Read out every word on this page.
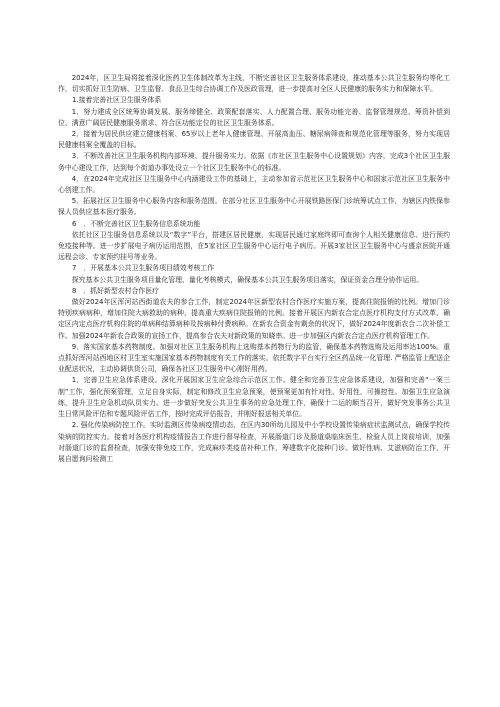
2024年，区卫生局将接着深化医药卫生体制改革为主线，不断完善社区卫生服务体系建设，推动基本公共卫生服务均等化工作，切实抓好卫生防病、卫生监督、食品卫生综合协调工作及医政管理，进一步提高对全区人民健康的服务实力和保障水平。

1.接着完善社区卫生服务体系

1．努力建成全区统筹协调发展、服务缔健全、政策配套落实、人力配置合理、服务功能完善、监督管理规范、筹资补偿到位、满意广阔居民健康服务需求、符合区功能定位的社区卫生服务体系。

2．接着为居民供应建立健康档案、65岁以上老年人健康管理、开展高血压、糖尿病筛查和规范化管理等服务，努力实现居民健康档案全覆盖的目标。

3．不断改善社区卫生服务机构内部环境、提升服务实力。依据《市社区卫生服务中心设置规划》内容，完成3个社区卫生服务中心建设工作，达到每个街道办事处设立一个社区卫生服务中心的标准。

4．在2024年完成社区卫生服务中心内涵建设工作的基础上，主动参加省示范社区卫生服务中心和国家示范社区卫生服务中心创建工作。

5．拓展社区卫生服务中心服务内容和服务范围。在部分社区卫生服务中心开展铁路医保门诊统筹试点工作，为辖区内铁保参保人员供应基本医疗服务。

6　．不断完善社区卫生服务信息系统功能

依托社区卫生服务信息系统以及“数字”平台，搭建区居民健康，实现居民通过家庭终即可查询个人相关健康信息、进行预约免疫接种等。进一步扩展电子病历运用范围，在5家社区卫生服务中心运行电子病历。开展3家社区卫生服务中心与盛京医院开通远程会诊、专家预约挂号等业务。

7　．开展基本公共卫生服务项目绩效考核工作

探究基本公共卫生服务项目量化管理、量化考核模式，确保基本公共卫生服务项目落实，保证资金合理分协作运用。

8　．抓好新型农村合作医疗

做好2024年区浑河站西街道农夫的参合工作，制定2024年区新型农村合作医疗实施方案，提高住院报销的比例。增加门诊特别疾病病种，增加住院大病救助的病种，提高重大疾病住院报销的比例。接着开展区内新农合定点医疗机构支付方式改革，确定区内定点医疗机构住院的单病种结算病种及按病种付费病种。在新农合资金有剩余的状况下，做好2024年度新农合二次补偿工作。加强2024年新农合政策的宣扬工作，提高参合农夫对新政策的知晓率。进一步加强区内新农合定点医疗机构管理工作。

9．落实国家基本药物制度。加强对社区卫生服务机构上选购基本药物行为的监管，确保基本药物选购及运用率达100%。重点抓好浑河站西地区村卫生室实施国家基本药物制度有关工作的落实。依托数字平台实行全区药品统一化管理. 严格监管上配送企业配送状况，主动协调供货公司，确保各社区卫生服务中心刚好用药。

1．完善卫生应急体系建设。深化开展国家卫生应急综合示范区工作。健全和完善卫生应急体系建设，加强和完善“一案三制”工作，强化预案管理，立足自身实际，制定和修改卫生应急预案，使预案更加有针对性、好用性、可操控性。加强卫生应急演练，提升卫生应急机动队员实力。进一步做好突发公共卫生事务的应急处理工作，确保十二运的顺当召开，做好突发事务公共卫生日常风险评估和专题风险评估工作，按时完成评估报告，并刚好报送相关单位。

2. 强化传染病防控工作。实时监测区传染病疫情动态，在区内30所幼儿园及中小学校设置传染病症状监测试点，确保学校传染病的防控实力。接着对各医疗机构疫情报告工作进行督导检查，开展肠道门诊及肠道桌临床医生、检验人员上岗前培训，加强对肠道门诊的监督检查，加强安排免疫工作，完成麻疹类疫苗补种工作，筹建数字化接种门诊。做好性病、艾滋病防治工作，开展自愿询问检测工
